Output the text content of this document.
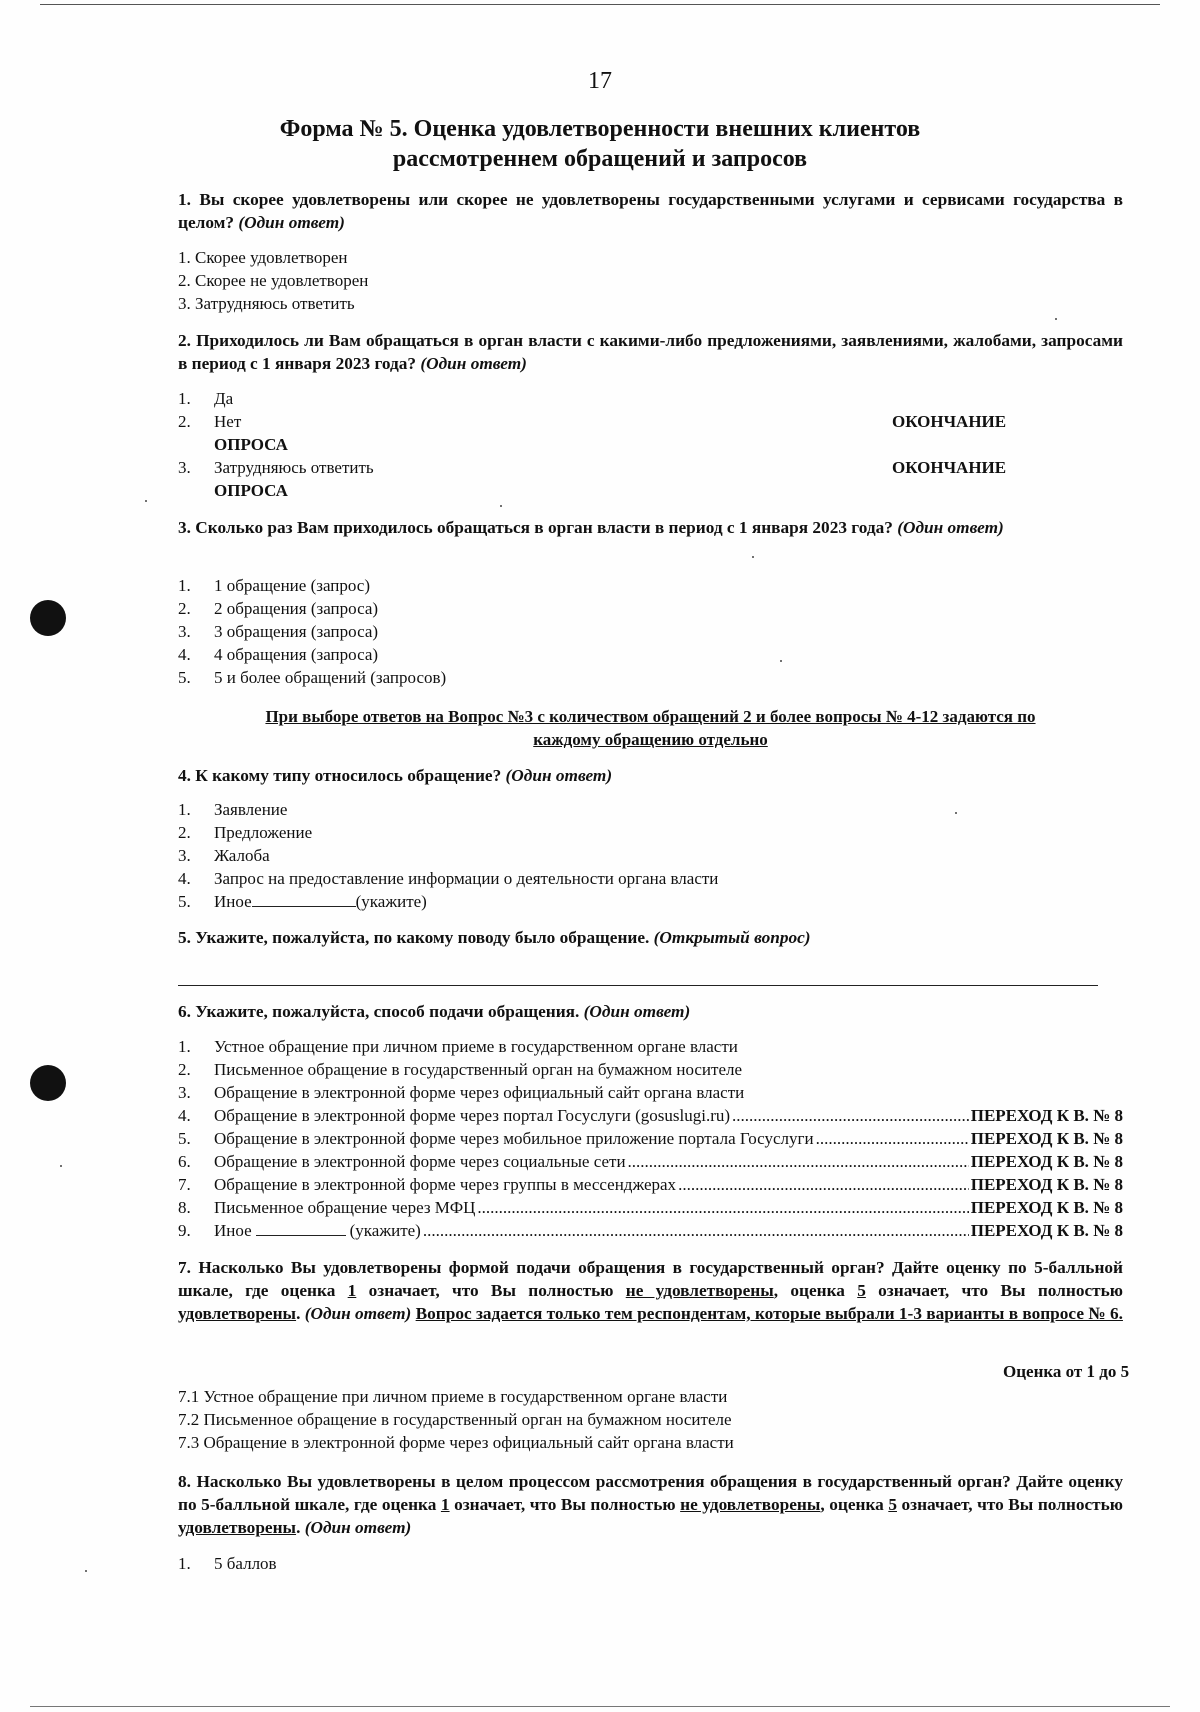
17
Форма № 5. Оценка удовлетворенности внешних клиентов
рассмотреннем обращений и запросов
1. Вы скорее удовлетворены или скорее не удовлетворены государственными услугами и сервисами государства в целом? (Один ответ)
1. Скорее удовлетворен
2. Скорее не удовлетворен
3. Затрудняюсь ответить
2. Приходилось ли Вам обращаться в орган власти с какими-либо предложениями, заявлениями, жалобами, запросами в период с 1 января 2023 года? (Один ответ)
1. Да
2. Нет	ОКОНЧАНИЕ
ОПРОСА
3. Затрудняюсь ответить	ОКОНЧАНИЕ
ОПРОСА
3. Сколько раз Вам приходилось обращаться в орган власти в период с 1 января 2023 года? (Один ответ)
1. 1 обращение (запрос)
2. 2 обращения (запроса)
3. 3 обращения (запроса)
4. 4 обращения (запроса)
5. 5 и более обращений (запросов)
При выборе ответов на Вопрос №3 с количеством обращений 2 и более вопросы № 4-12 задаются по
каждому обращению отдельно
4. К какому типу относилось обращение? (Один ответ)
1. Заявление
2. Предложение
3. Жалоба
4. Запрос на предоставление информации о деятельности органа власти
5. Иное	(укажите)
5. Укажите, пожалуйста, по какому поводу было обращение. (Открытый вопрос)
6. Укажите, пожалуйста, способ подачи обращения. (Один ответ)
1.	Устное обращение при личном приеме в государственном органе власти
2.	Письменное обращение в государственный орган на бумажном носителе
3.	Обращение в электронной форме через официальный сайт органа власти
4.	Обращение в электронной форме через портал Госуслуги (gosuslugi.ru) .....	ПЕРЕХОД К В. № 8
5.	Обращение в электронной форме через мобильное приложение портала Госуслуги .....	ПЕРЕХОД К В. № 8
6.	Обращение в электронной форме через социальные сети .....	ПЕРЕХОД К В. № 8
7.	Обращение в электронной форме через группы в мессенджерах .....	ПЕРЕХОД К В. № 8
8.	Письменное обращение через МФЦ .....	ПЕРЕХОД К В. № 8
9.	Иное	(укажите) .....	ПЕРЕХОД К В. № 8
7. Насколько Вы удовлетворены формой подачи обращения в государственный орган? Дайте оценку по 5-балльной шкале, где оценка 1 означает, что Вы полностью не удовлетворены, оценка 5 означает, что Вы полностью удовлетворены. (Один ответ) Вопрос задается только тем респондентам, которые выбрали 1-3 варианты в вопросе № 6.
Оценка от 1 до 5
7.1 Устное обращение при личном приеме в государственном органе власти
7.2 Письменное обращение в государственный орган на бумажном носителе
7.3 Обращение в электронной форме через официальный сайт органа власти
8. Насколько Вы удовлетворены в целом процессом рассмотрения обращения в государственный орган? Дайте оценку по 5-балльной шкале, где оценка 1 означает, что Вы полностью не удовлетворены, оценка 5 означает, что Вы полностью удовлетворены. (Один ответ)
1. 5 баллов
